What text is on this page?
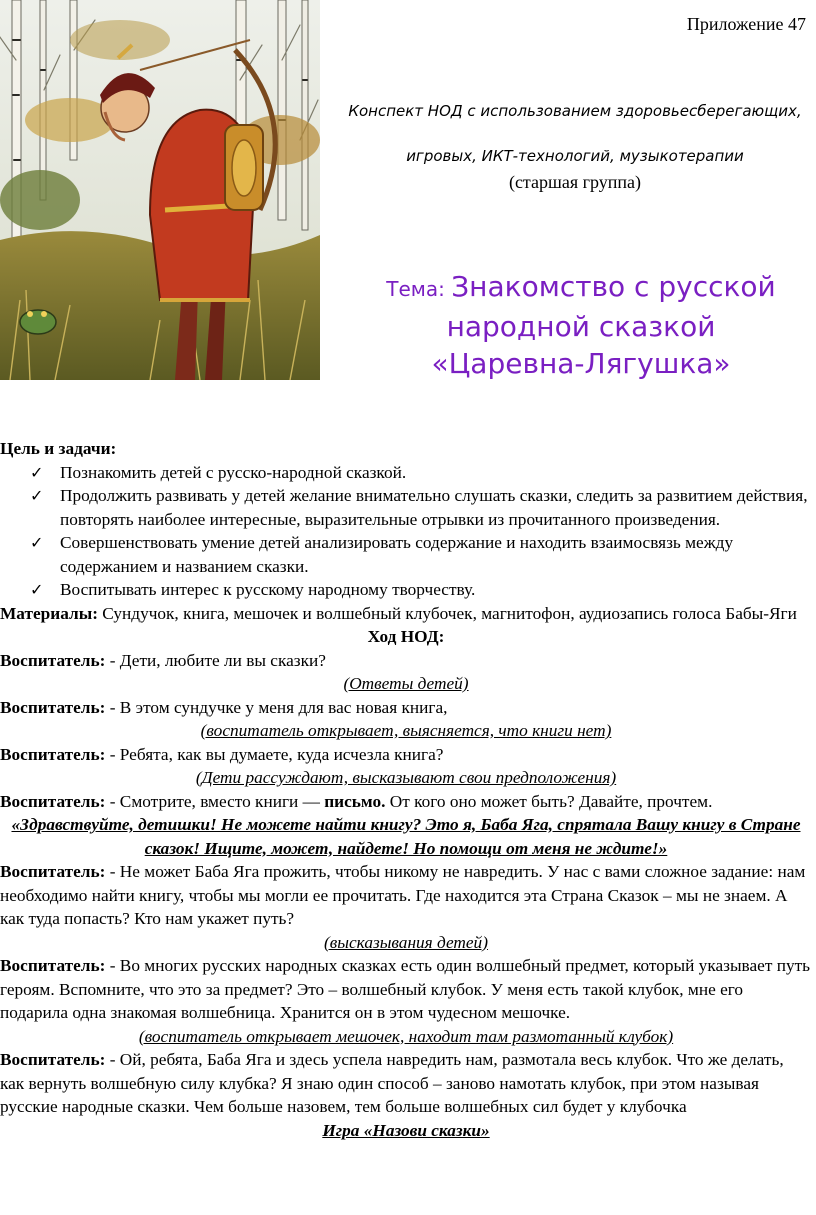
Приложение 47
Конспект НОД с использованием здоровьесберегающих,
игровых, ИКТ-технологий, музыкотерапии
(старшая группа)
Тема: Знакомство с русской
народной сказкой
«Царевна-Лягушка»

Цель и задачи:

✓ Познакомить детей с русско-народной сказкой.
✓ Продолжить развивать у детей желание внимательно слушать сказки, следить за развитием действия, повторять наиболее интересные, выразительные отрывки из прочитанного произведения.
✓ Совершенствовать умение детей анализировать содержание и находить взаимосвязь между содержанием и названием сказки.
✓ Воспитывать интерес к русскому народному творчеству.

Материалы: Сундучок, книга, мешочек и волшебный клубочек, магнитофон, аудиозапись голоса Бабы-Яги

Ход НОД:

Воспитатель: - Дети, любите ли вы сказки?

(Ответы детей)

Воспитатель: - В этом сундучке у меня для вас новая книга,

(воспитатель открывает, выясняется, что книги нет)

Воспитатель: - Ребята, как вы думаете, куда исчезла книга?

(Дети рассуждают, высказывают свои предположения)

Воспитатель: - Смотрите, вместо книги — письмо. От кого оно может быть? Давайте, прочтем.

«Здравствуйте, детишки! Не можете найти книгу? Это я, Баба Яга, спрятала Вашу книгу в Стране сказок! Ищите, может, найдете! Но помощи от меня не ждите!»

Воспитатель: - Не может Баба Яга прожить, чтобы никому не навредить. У нас с вами сложное задание: нам необходимо найти книгу, чтобы мы могли ее прочитать. Где находится эта Страна Сказок – мы не знаем. А как туда попасть? Кто нам укажет путь?

(высказывания детей)

Воспитатель: - Во многих русских народных сказках есть один волшебный предмет, который указывает путь героям. Вспомните, что это за предмет? Это – волшебный клубок. У меня есть такой клубок, мне его подарила одна знакомая волшебница. Хранится он в этом чудесном мешочке.

(воспитатель открывает мешочек, находит там размотанный клубок)

Воспитатель: - Ой, ребята, Баба Яга и здесь успела навредить нам, размотала весь клубок. Что же делать, как вернуть волшебную силу клубка? Я знаю один способ – заново намотать клубок, при этом называя русские народные сказки. Чем больше назовем, тем больше волшебных сил будет у клубочка

Игра «Назови сказки»
